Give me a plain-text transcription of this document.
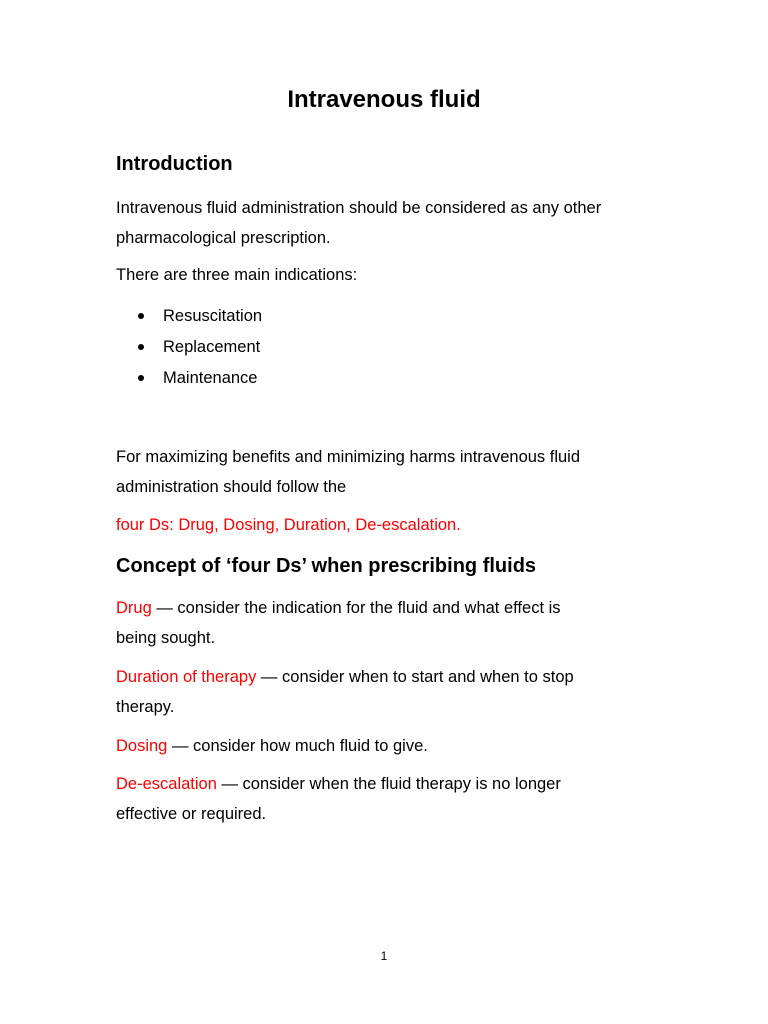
Intravenous fluid
Introduction
Intravenous fluid administration should be considered as any other
pharmacological prescription.
There are three main indications:
Resuscitation
Replacement
Maintenance
For maximizing benefits and minimizing harms intravenous fluid
administration should follow the
four Ds: Drug, Dosing, Duration, De-escalation.
Concept of ‘four Ds’ when prescribing fluids
Drug — consider the indication for the fluid and what effect is
being sought.
Duration of therapy — consider when to start and when to stop
therapy.
Dosing — consider how much fluid to give.
De-escalation — consider when the fluid therapy is no longer
effective or required.
1
